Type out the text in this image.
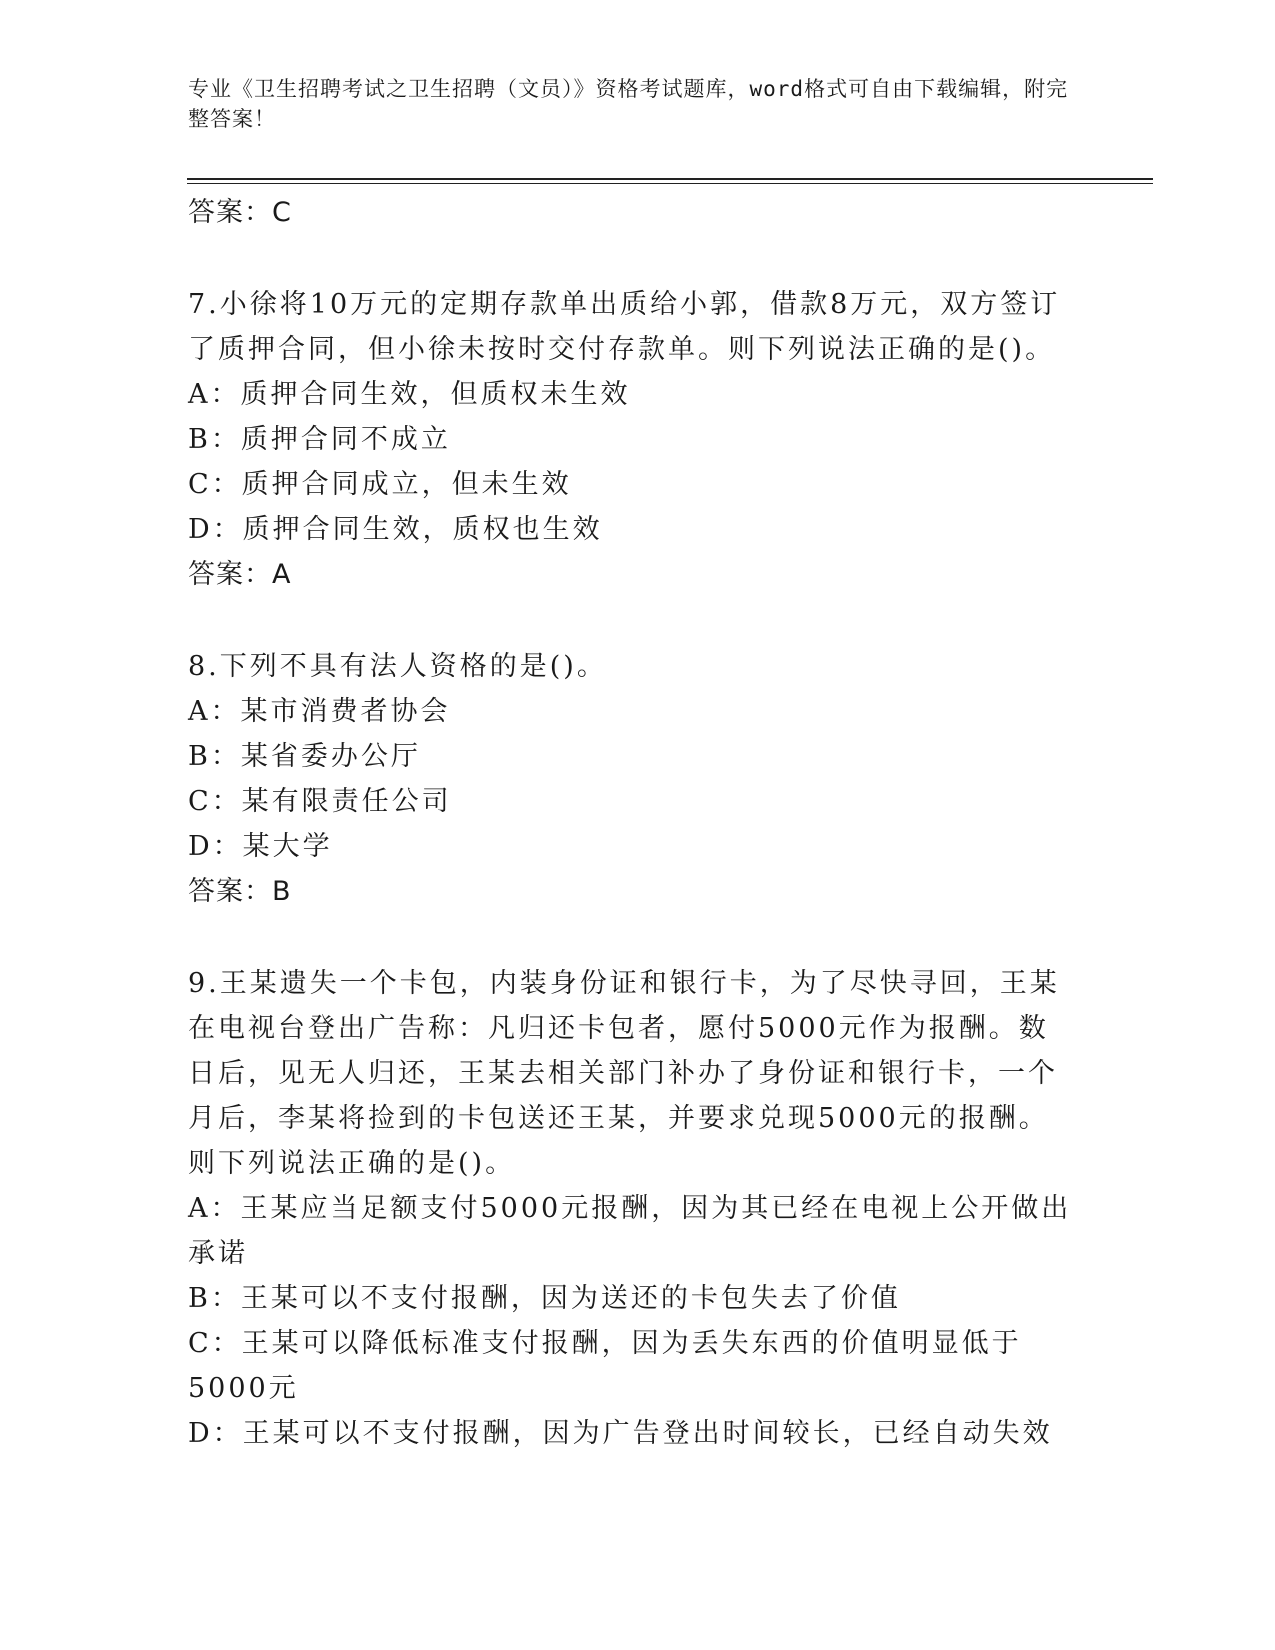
专业《卫生招聘考试之卫生招聘（文员）》资格考试题库，word格式可自由下载编辑，附完整答案！
答案：C
7.小徐将10万元的定期存款单出质给小郭，借款8万元，双方签订了质押合同，但小徐未按时交付存款单。则下列说法正确的是()。
A：质押合同生效，但质权未生效
B：质押合同不成立
C：质押合同成立，但未生效
D：质押合同生效，质权也生效
答案：A
8.下列不具有法人资格的是()。
A：某市消费者协会
B：某省委办公厅
C：某有限责任公司
D：某大学
答案：B
9.王某遗失一个卡包，内装身份证和银行卡，为了尽快寻回，王某在电视台登出广告称：凡归还卡包者，愿付5000元作为报酬。数日后，见无人归还，王某去相关部门补办了身份证和银行卡，一个月后，李某将捡到的卡包送还王某，并要求兑现5000元的报酬。则下列说法正确的是()。
A：王某应当足额支付5000元报酬，因为其已经在电视上公开做出承诺
B：王某可以不支付报酬，因为送还的卡包失去了价值
C：王某可以降低标准支付报酬，因为丢失东西的价值明显低于5000元
D：王某可以不支付报酬，因为广告登出时间较长，已经自动失效
